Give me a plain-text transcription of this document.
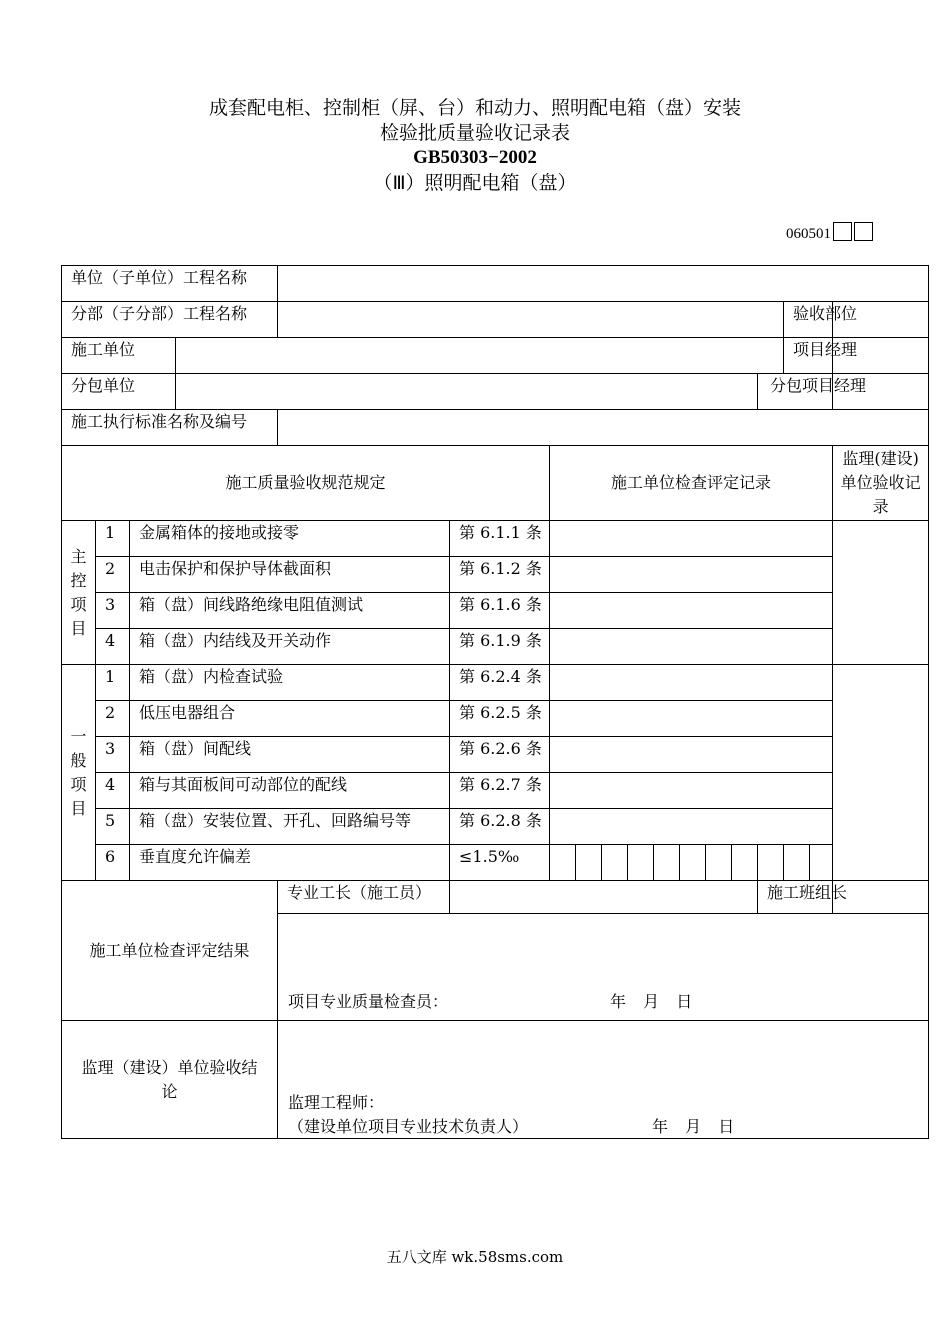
成套配电柜、控制柜（屏、台）和动力、照明配电箱（盘）安装
检验批质量验收记录表
GB50303−2002
（Ⅲ）照明配电箱（盘）
060501
单位（子单位）工程名称																	
分部（子分部）工程名称															验收部位		
施工单位															项目经理		
分包单位														分包项目经理			
施工执行标准名称及编号																	
施工质量验收规范规定						施工单位检查评定记录											监理(建设)单位验收记录

主
控
项
目	1	金属箱体的接地或接零			第 6.1.1 条												
	2	电击保护和保护导体截面积			第 6.1.2 条												
	3	箱（盘）间线路绝缘电阻值测试			第 6.1.6 条												
	4	箱（盘）内结线及开关动作			第 6.1.9 条												

一
般
项
目	1	箱（盘）内检查试验			第 6.2.4 条												
	2	低压电器组合			第 6.2.5 条												
	3	箱（盘）间配线			第 6.2.6 条												
	4	箱与其面板间可动部位的配线			第 6.2.7 条												
	5	箱（盘）安装位置、开孔、回路编号等			第 6.2.8 条												
	6	垂直度允许偏差			≤1.5‰												
施工单位检查评定结果				专业工长（施工员）										施工班组长			

				项目专业质量检查员： 年 月 日													

监理（建设）单位验收结论				监理工程师：
（建设单位项目专业技术负责人） 年 月 日													
五八文库 wk.58sms.com
